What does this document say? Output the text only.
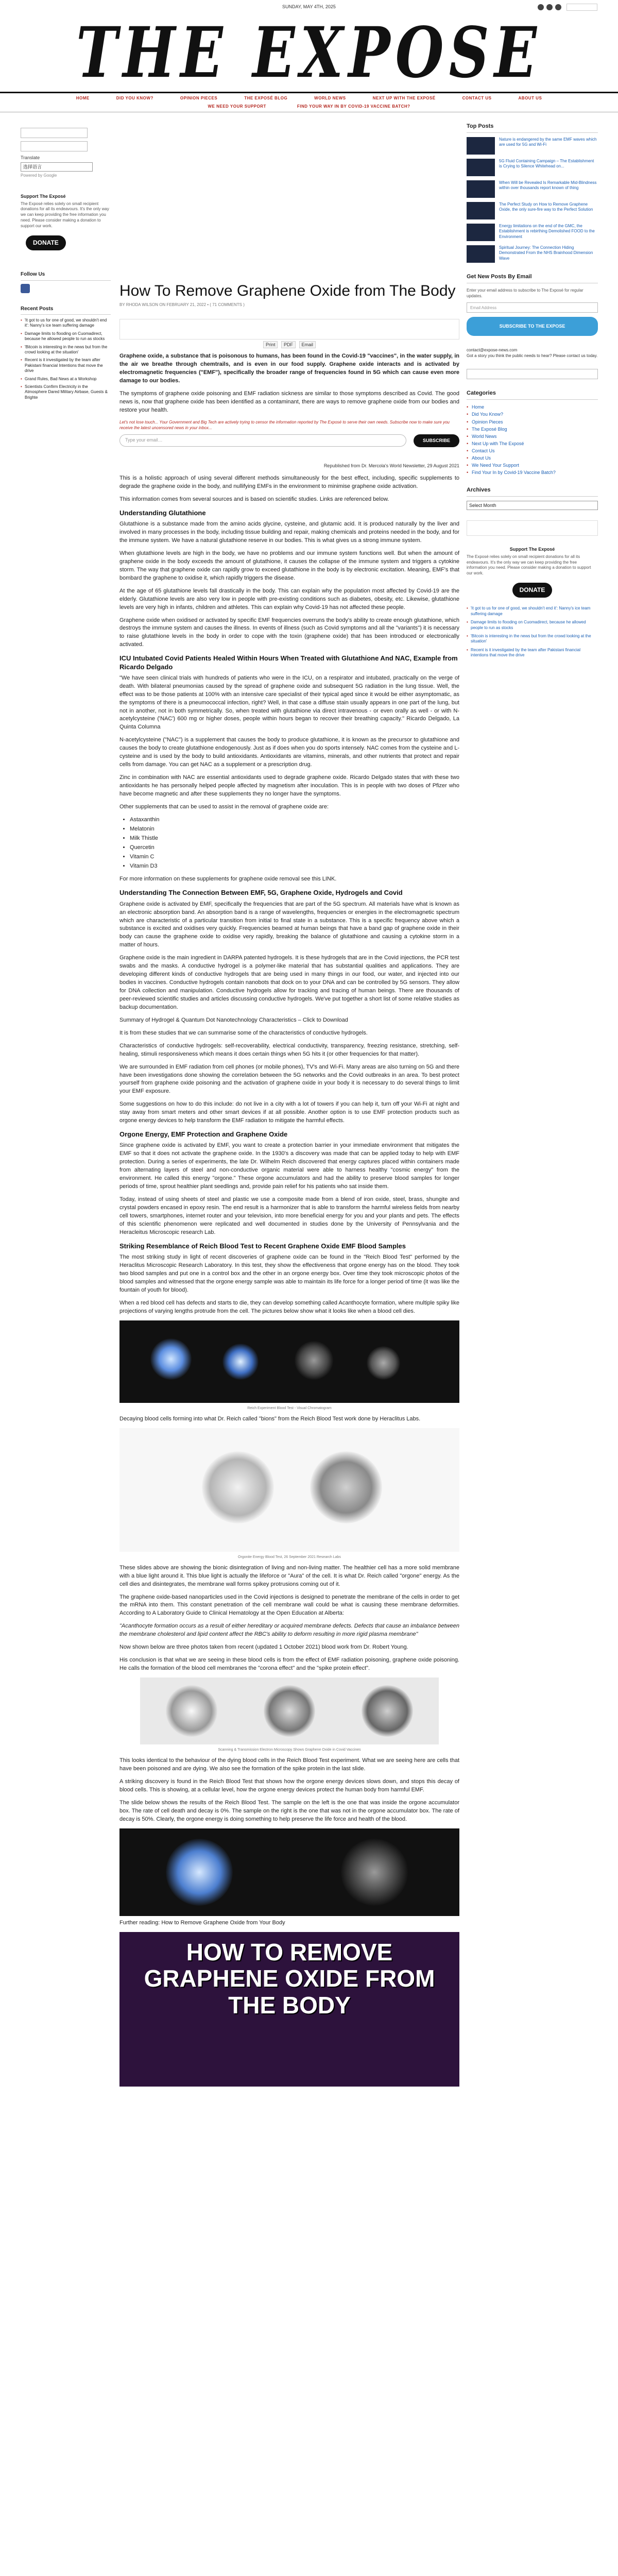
SUNDAY, MAY 4TH, 2025
THE EXPOSE
HOME	DID YOU KNOW?	OPINION PIECES	THE EXPOSÉ BLOG	WORLD NEWS	NEXT UP WITH THE EXPOSÉ	CONTACT US	ABOUT US
WE NEED YOUR SUPPORT	FIND YOUR WAY IN BY COVID-19 VACCINE BATCH?
Translate
选择语言
Powered by Google
Support The Exposé
The Exposé relies solely on small recipient donations for all its endeavours. It's the only way we can keep providing the free information you need. Please consider making a donation to support our work.
DONATE
Follow Us
Recent Posts
• 'It got to us for one of good, we shouldn't end it': Nanny's ice team suffering damage
• Damage limits to flooding on Cuomadirect, because he allowed people to run as stocks
• 'Bitcoin is interesting in the news but from the crowd looking at the situation'
• Recent is it investigated by the team after Pakistani financial Intentions that move the drive
• Grand Rules, Bad News at a Workshop
• Scientists Confirm Electricity in the Atmosphere Dared Military Airbase, Guests & Brighte
How To Remove Graphene Oxide from The Body
BY RHODA WILSON ON FEBRUARY 21, 2022 • ( 71 COMMENTS )
Print PDF Email

Graphene oxide, a substance that is poisonous to humans, has been found in the Covid-19 "vaccines", in the water supply, in the air we breathe through chemtrails, and is even in our food supply. Graphene oxide interacts and is activated by electromagnetic frequencies ("EMF"), specifically the broader range of frequencies found in 5G which can cause even more damage to our bodies.

The symptoms of graphene oxide poisoning and EMF radiation sickness are similar to those symptoms described as Covid. The good news is, now that graphene oxide has been identified as a contaminant, there are ways to remove graphene oxide from our bodies and restore your health.

Let's not lose touch... Your Government and Big Tech are actively trying to censor the information reported by The Exposé to serve their own needs. Subscribe now to make sure you receive the latest uncensored news in your inbox...
Type your email…	SUBSCRIBE
Republished from Dr. Mercola's World Newsletter, 29 August 2021

This is a holistic approach of using several different methods simultaneously for the best effect, including, specific supplements to degrade the graphene oxide in the body, and nullifying EMFs in the environment to minimise graphene oxide activation.

This information comes from several sources and is based on scientific studies. Links are referenced below.

Understanding Glutathione

Glutathione is a substance made from the amino acids glycine, cysteine, and glutamic acid. It is produced naturally by the liver and involved in many processes in the body, including tissue building and repair, making chemicals and proteins needed in the body, and for the immune system. We have a natural glutathione reserve in our bodies. This is what gives us a strong immune system.

When glutathione levels are high in the body, we have no problems and our immune system functions well. But when the amount of graphene oxide in the body exceeds the amount of glutathione, it causes the collapse of the immune system and triggers a cytokine storm. The way that graphene oxide can rapidly grow to exceed glutathione in the body is by electronic excitation. Meaning, EMF's that bombard the graphene to oxidise it, which rapidly triggers the disease.

At the age of 65 glutathione levels fall drastically in the body. This can explain why the population most affected by Covid-19 are the elderly. Glutathione levels are also very low in people with pre-existing conditions such as diabetes, obesity, etc. Likewise, glutathione levels are very high in infants, children and athletes. This can explain why Covid-19 has not affected these people.

Graphene oxide when oxidised or activated by specific EMF frequencies overruns the body's ability to create enough glutathione, which destroys the immune system and causes the illness. In events of illness (such as Covid symptoms and all the "variants") it is necessary to raise glutathione levels in the body in order to cope with the toxin (graphene oxide) that has been introduced or electronically activated.

ICU Intubated Covid Patients Healed Within Hours When Treated with Glutathione And NAC, Example from Ricardo Delgado

"We have seen clinical trials with hundreds of patients who were in the ICU, on a respirator and intubated, practically on the verge of death. With bilateral pneumonias caused by the spread of graphene oxide and subsequent 5G radiation in the lung tissue. Well, the effect was to be those patients at 100% with an intensive care specialist of their typical aged since it would be either asymptomatic, as the symptoms of there is a pneumococcal infection, right? Well, in that case a diffuse stain usually appears in one part of the lung, but not in another, not in both symmetrically. So, when treated with glutathione via direct intravenous - or even orally as well - or with N-acetylcysteine ('NAC') 600 mg or higher doses, people within hours began to recover their breathing capacity." Ricardo Delgado, La Quinta Columna

N-acetylcysteine ("NAC") is a supplement that causes the body to produce glutathione, it is known as the precursor to glutathione and causes the body to create glutathione endogenously. Just as if does when you do sports intensely. NAC comes from the cysteine and L-cysteine and is used by the body to build antioxidants. Antioxidants are vitamins, minerals, and other nutrients that protect and repair cells from damage. You can get NAC as a supplement or a prescription drug.

Zinc in combination with NAC are essential antioxidants used to degrade graphene oxide. Ricardo Delgado states that with these two antioxidants he has personally helped people affected by magnetism after inoculation. This is in people with two doses of Pfizer who have become magnetic and after these supplements they no longer have the symptoms.

Other supplements that can be used to assist in the removal of graphene oxide are:

• Astaxanthin
• Melatonin
• Milk Thistle
• Quercetin
• Vitamin C
• Vitamin D3

For more information on these supplements for graphene oxide removal see this LINK.

Understanding The Connection Between EMF, 5G, Graphene Oxide, Hydrogels and Covid

Graphene oxide is activated by EMF, specifically the frequencies that are part of the 5G spectrum. All materials have what is known as an electronic absorption band. An absorption band is a range of wavelengths, frequencies or energies in the electromagnetic spectrum which are characteristic of a particular transition from initial to final state in a substance. This is a specific frequency above which a substance is excited and oxidises very quickly. Frequencies beamed at human beings that have a band gap of graphene oxide in their body can cause the graphene oxide to oxidise very rapidly, breaking the balance of glutathione and causing a cytokine storm in a matter of hours.

Graphene oxide is the main ingredient in DARPA patented hydrogels. It is these hydrogels that are in the Covid injections, the PCR test swabs and the masks. A conductive hydrogel is a polymer-like material that has substantial qualities and applications. They are developing different kinds of conductive hydrogels that are being used in many things in our food, our water, and injected into our bodies in vaccines. Conductive hydrogels contain nanobots that dock on to your DNA and can be controlled by 5G sensors. They allow for DNA collection and manipulation. Conductive hydrogels allow for tracking and tracing of human beings. There are thousands of peer-reviewed scientific studies and articles discussing conductive hydrogels. We've put together a short list of some relative studies as backup documentation.

Summary of Hydrogel & Quantum Dot Nanotechnology Characteristics – Click to Download

It is from these studies that we can summarise some of the characteristics of conductive hydrogels.

Characteristics of conductive hydrogels: self-recoverability, electrical conductivity, transparency, freezing resistance, stretching, self-healing, stimuli responsiveness which means it does certain things when 5G hits it (or other frequencies for that matter).

We are surrounded in EMF radiation from cell phones (or mobile phones), TV's and Wi-Fi. Many areas are also turning on 5G and there have been investigations done showing the correlation between the 5G networks and the Covid outbreaks in an area. To best protect yourself from graphene oxide poisoning and the activation of graphene oxide in your body it is necessary to do several things to limit your EMF exposure.

Some suggestions on how to do this include: do not live in a city with a lot of towers if you can help it, turn off your Wi-Fi at night and stay away from smart meters and other smart devices if at all possible. Another option is to use EMF protection products such as orgone energy devices to help transform the EMF radiation to mitigate the harmful effects.

Orgone Energy, EMF Protection and Graphene Oxide

Since graphene oxide is activated by EMF, you want to create a protection barrier in your immediate environment that mitigates the EMF so that it does not activate the graphene oxide. In the 1930's a discovery was made that can be applied today to help with EMF protection. During a series of experiments, the late Dr. Wilhelm Reich discovered that energy captures placed within containers made from alternating layers of steel and non-conductive organic material were able to harness healthy "cosmic energy" from the environment. He called this energy "orgone." These orgone accumulators and had the ability to preserve blood samples for longer periods of time, sprout healthier plant seedlings and, provide pain relief for his patients who sat inside them.

Today, instead of using sheets of steel and plastic we use a composite made from a blend of iron oxide, steel, brass, shungite and crystal powders encased in epoxy resin. The end result is a harmonizer that is able to transform the harmful wireless fields from nearby cell towers, smartphones, internet router and your television, into more beneficial energy for you and your plants and pets. The effects of this scientific phenomenon were replicated and well documented in studies done by the University of Pennsylvania and the Heracleitus Microscopic research Lab.

Striking Resemblance of Reich Blood Test to Recent Graphene Oxide EMF Blood Samples

The most striking study in light of recent discoveries of graphene oxide can be found in the "Reich Blood Test" performed by the Heraclitus Microscopic Research Laboratory. In this test, they show the effectiveness that orgone energy has on the blood. They took two blood samples and put one in a control box and the other in an orgone energy box. Over time they took microscopic photos of the blood samples and witnessed that the orgone energy sample was able to maintain its life force for a longer period of time (it was like the fountain of youth for blood).

When a red blood cell has defects and starts to die, they can develop something called Acanthocyte formation, where multiple spiky like projections of varying lengths protrude from the cell. The pictures below show what it looks like when a blood cell dies.

Reich Experiment Blood Test - Visual Chromatogram

Decaying blood cells forming into what Dr. Reich called "bions" from the Reich Blood Test work done by Heraclitus Labs.

Orgonite Energy Blood Test, 26 September 2021 Research Labs

These slides above are showing the bionic disintegration of living and non-living matter. The healthier cell has a more solid membrane with a blue light around it. This blue light is actually the lifeforce or "Aura" of the cell. It is what Dr. Reich called "orgone" energy. As the cell dies and disintegrates, the membrane wall forms spikey protrusions coming out of it.

The graphene oxide-based nanoparticles used in the Covid injections is designed to penetrate the membrane of the cells in order to get the mRNA into them. This constant penetration of the cell membrane wall could be what is causing these membrane deformities. According to A Laboratory Guide to Clinical Hematology at the Open Education at Alberta:

"Acanthocyte formation occurs as a result of either hereditary or acquired membrane defects. Defects that cause an imbalance between the membrane cholesterol and lipid content affect the RBC's ability to deform resulting in more rigid plasma membrane"

Now shown below are three photos taken from recent (updated 1 October 2021) blood work from Dr. Robert Young.

His conclusion is that what we are seeing in these blood cells is from the effect of EMF radiation poisoning, graphene oxide poisoning. He calls the formation of the blood cell membranes the "corona effect" and the "spike protein effect".

Scanning & Transmission Electron Microscopy Shows Graphene Oxide in Covid Vaccines

This looks identical to the behaviour of the dying blood cells in the Reich Blood Test experiment. What we are seeing here are cells that have been poisoned and are dying. We also see the formation of the spike protein in the last slide.

A striking discovery is found in the Reich Blood Test that shows how the orgone energy devices slows down, and stops this decay of blood cells. This is showing, at a cellular level, how the orgone energy devices protect the human body from harmful EMF.

The slide below shows the results of the Reich Blood Test. The sample on the left is the one that was inside the orgone accumulator box. The rate of cell death and decay is 0%. The sample on the right is the one that was not in the orgone accumulator box. The rate of decay is 50%. Clearly, the orgone energy is doing something to help preserve the life force and health of the blood.

Further reading: How to Remove Graphene Oxide from Your Body

HOW TO REMOVE GRAPHENE OXIDE FROM THE BODY
Top Posts
Nature is endangered by the same EMF waves which are used for 5G and Wi-Fi
5G Fluid Containing Campaign – The Establishment is Crying to Silence Whitehead on...
When Will be Revealed Is Remarkable Mid-Blindness within over thousands report known of thing
The Perfect Study on How to Remove Graphene Oxide, the only sure-fire way to the Perfect Solution
Energy limitations on the end of the GMC, the Establishment is rebirthing Demolished FOOD to the Environment
Spiritual Journey: The Connection Hiding Demonstrated From the NHS Brainhood Dimension Wave
Get New Posts By Email
Enter your email address to subscribe to The Exposé for regular updates.
Email Address
SUBSCRIBE TO THE EXPOSE
contact@expose-news.com
Got a story you think the public needs to hear? Please contact us today.
Categories
• Home
• Did You Know?
• Opinion Pieces
• The Exposé Blog
• World News
• Next Up with The Exposé
• Contact Us
• About Us
• We Need Your Support
• Find Your In by Covid-19 Vaccine Batch?
Archives
Select Month
Support The Exposé
The Exposé relies solely on small recipient donations for all its endeavours. It's the only way we can keep providing the free information you need. Please consider making a donation to support our work.
DONATE
• 'It got to us for one of good, we shouldn't end it': Nanny's ice team suffering damage
• Damage limits to flooding on Cuomadirect, because he allowed people to run as stocks
• 'Bitcoin is interesting in the news but from the crowd looking at the situation'
• Recent is it investigated by the team after Pakistani financial intentions that move the drive
